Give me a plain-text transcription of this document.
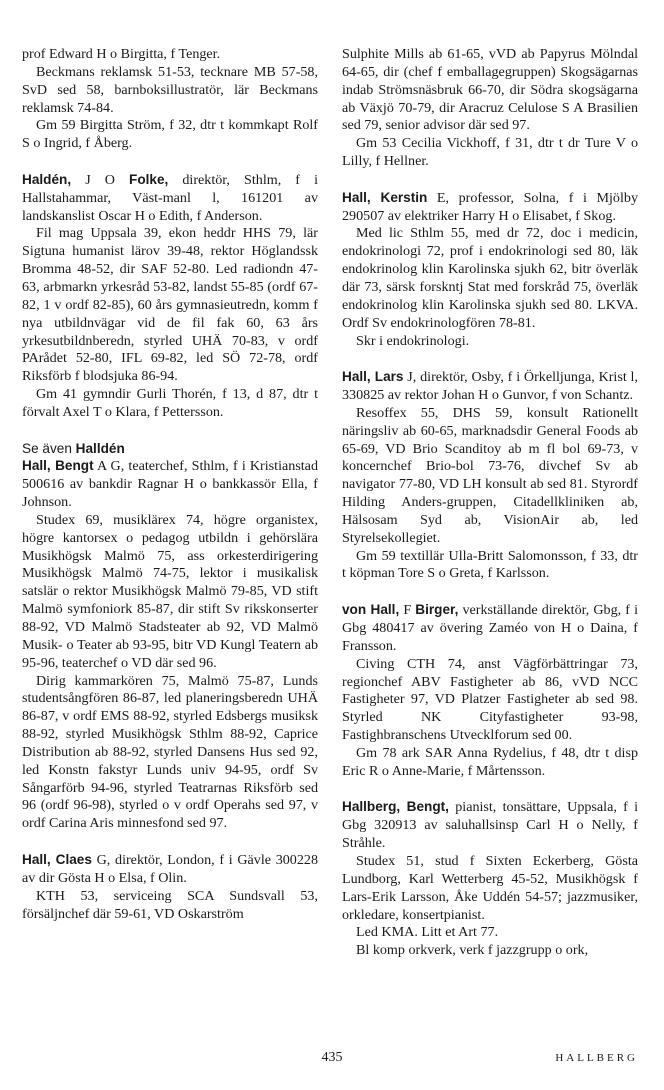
prof Edward H o Birgitta, f Tenger.

Beckmans reklamsk 51-53, tecknare MB 57-58, SvD sed 58, barnboksillustratör, lär Beckmans reklamsk 74-84.

Gm 59 Birgitta Ström, f 32, dtr t kommkapt Rolf S o Ingrid, f Åberg.

Haldén, J O Folke, direktör, Sthlm, f i Hallstahammar, Väst-manl l, 161201 av landskanslist Oscar H o Edith, f Anderson.

Fil mag Uppsala 39, ekon heddr HHS 79, lär Sigtuna humanist lärov 39-48, rektor Höglandssk Bromma 48-52, dir SAF 52-80. Led radiondn 47-63, arbmarkn yrkesråd 53-82, landst 55-85 (ordf 67-82, 1 v ordf 82-85), 60 års gymnasieutredn, komm f nya utbildnvägar vid de fil fak 60, 63 års yrkesutbildnberedn, styrled UHÄ 70-83, v ordf PArådet 52-80, IFL 69-82, led SÖ 72-78, ordf Riksförb f blodsjuka 86-94.

Gm 41 gymndir Gurli Thorén, f 13, d 87, dtr t förvalt Axel T o Klara, f Pettersson.

Se även Halldén

Hall, Bengt A G, teaterchef, Sthlm, f i Kristianstad 500616 av bankdir Ragnar H o bankkassör Ella, f Johnson.

Studex 69, musiklärex 74, högre organistex, högre kantorsex o pedagog utbildn i gehörslära Musikhögsk Malmö 75, ass orkesterdirigering Musikhögsk Malmö 74-75, lektor i musikalisk satslär o rektor Musikhögsk Malmö 79-85, VD stift Malmö symfoniork 85-87, dir stift Sv rikskonserter 88-92, VD Malmö Stadsteater ab 92, VD Malmö Musik- o Teater ab 93-95, bitr VD Kungl Teatern ab 95-96, teaterchef o VD där sed 96.

Dirig kammarkören 75, Malmö 75-87, Lunds studentsångfören 86-87, led planeringsberedn UHÄ 86-87, v ordf EMS 88-92, styrled Edsbergs musiksk 88-92, styrled Musikhögsk Sthlm 88-92, Caprice Distribution ab 88-92, styrled Dansens Hus sed 92, led Konstn fakstyr Lunds univ 94-95, ordf Sv Sångarförb 94-96, styrled Teatrarnas Riksförb sed 96 (ordf 96-98), styrled o v ordf Operahs sed 97, v ordf Carina Aris minnesfond sed 97.

Hall, Claes G, direktör, London, f i Gävle 300228 av dir Gösta H o Elsa, f Olin.

KTH 53, serviceing SCA Sundsvall 53, försäljnchef där 59-61, VD Oskarström

Sulphite Mills ab 61-65, vVD ab Papyrus Mölndal 64-65, dir (chef f emballagegruppen) Skogsägarnas indab Strömsnäsbruk 66-70, dir Södra skogsägarna ab Växjö 70-79, dir Aracruz Celulose S A Brasilien sed 79, senior advisor där sed 97.

Gm 53 Cecilia Vickhoff, f 31, dtr t dr Ture V o Lilly, f Hellner.

Hall, Kerstin E, professor, Solna, f i Mjölby 290507 av elektriker Harry H o Elisabet, f Skog.

Med lic Sthlm 55, med dr 72, doc i medicin, endokrinologi 72, prof i endokrinologi sed 80, läk endokrinolog klin Karolinska sjukh 62, bitr överläk där 73, särsk forskntj Stat med forskråd 75, överläk endokrinolog klin Karolinska sjukh sed 80. LKVA. Ordf Sv endokrinologfören 78-81.

Skr i endokrinologi.

Hall, Lars J, direktör, Osby, f i Örkelljunga, Krist l, 330825 av rektor Johan H o Gunvor, f von Schantz.

Resoffex 55, DHS 59, konsult Rationellt näringsliv ab 60-65, marknadsdir General Foods ab 65-69, VD Brio Scanditoy ab m fl bol 69-73, v koncernchef Brio-bol 73-76, divchef Sv ab navigator 77-80, VD LH konsult ab sed 81. Styrordf Hilding Anders-gruppen, Citadellkliniken ab, Hälsosam Syd ab, VisionAir ab, led Styrelsekollegiet.

Gm 59 textillär Ulla-Britt Salomonsson, f 33, dtr t köpman Tore S o Greta, f Karlsson.

von Hall, F Birger, verkställande direktör, Gbg, f i Gbg 480417 av övering Zaméo von H o Daina, f Fransson.

Civing CTH 74, anst Vägförbättringar 73, regionchef ABV Fastigheter ab 86, vVD NCC Fastigheter 97, VD Platzer Fastigheter ab sed 98. Styrled NK Cityfastigheter 93-98, Fastighbranschens Utvecklforum sed 00.

Gm 78 ark SAR Anna Rydelius, f 48, dtr t disp Eric R o Anne-Marie, f Mårtensson.

Hallberg, Bengt, pianist, tonsättare, Uppsala, f i Gbg 320913 av saluhallsinsp Carl H o Nelly, f Stråhle.

Studex 51, stud f Sixten Eckerberg, Gösta Lundborg, Karl Wetterberg 45-52, Musikhögsk f Lars-Erik Larsson, Åke Uddén 54-57; jazzmusiker, orkledare, konsertpianist.

Led KMA. Litt et Art 77.

Bl komp orkverk, verk f jazzgrupp o ork,

435	HALLBERG
